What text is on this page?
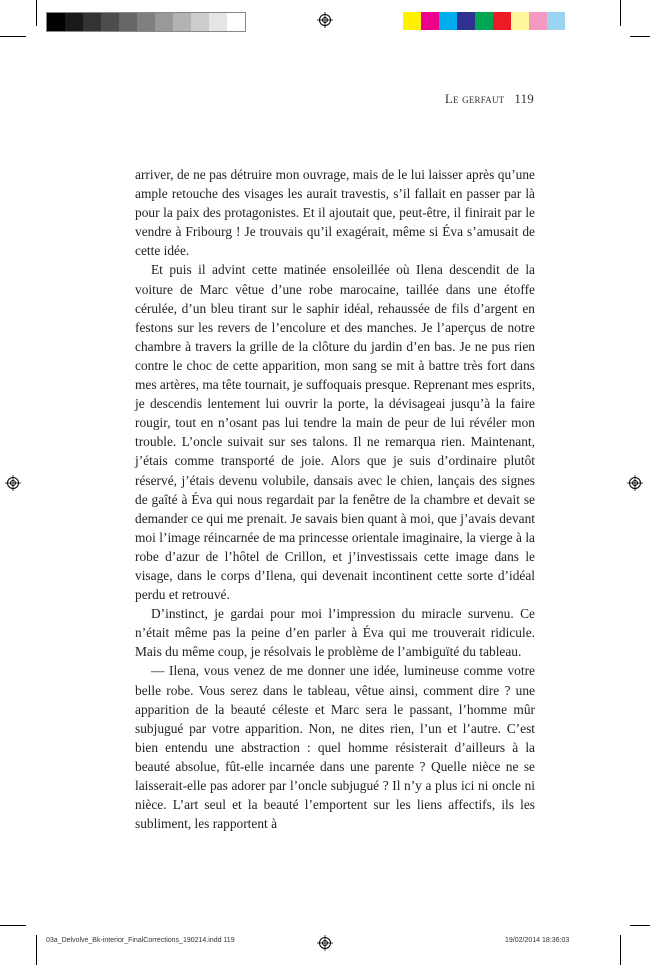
Le gerfaut 119

arriver, de ne pas détruire mon ouvrage, mais de le lui laisser après qu’une ample retouche des visages les aurait travestis, s’il fallait en passer par là pour la paix des protagonistes. Et il ajoutait que, peut-être, il finirait par le vendre à Fribourg ! Je trouvais qu’il exagérait, même si Éva s’amusait de cette idée.

Et puis il advint cette matinée ensoleillée où Ilena descendit de la voiture de Marc vêtue d’une robe marocaine, taillée dans une étoffe cérulée, d’un bleu tirant sur le saphir idéal, rehaussée de fils d’argent en festons sur les revers de l’encolure et des manches. Je l’aperçus de notre chambre à travers la grille de la clôture du jardin d’en bas. Je ne pus rien contre le choc de cette apparition, mon sang se mit à battre très fort dans mes artères, ma tête tournait, je suffoquais presque. Reprenant mes esprits, je descendis lentement lui ouvrir la porte, la dévisageai jusqu’à la faire rougir, tout en n’osant pas lui tendre la main de peur de lui révéler mon trouble. L’oncle suivait sur ses talons. Il ne remarqua rien. Maintenant, j’étais comme transporté de joie. Alors que je suis d’ordinaire plutôt réservé, j’étais devenu volubile, dansais avec le chien, lançais des signes de gaîté à Éva qui nous regardait par la fenêtre de la chambre et devait se demander ce qui me prenait. Je savais bien quant à moi, que j’avais devant moi l’image réincarnée de ma princesse orientale imaginaire, la vierge à la robe d’azur de l’hôtel de Crillon, et j’investissais cette image dans le visage, dans le corps d’Ilena, qui devenait incontinent cette sorte d’idéal perdu et retrouvé.

D’instinct, je gardai pour moi l’impression du miracle survenu. Ce n’était même pas la peine d’en parler à Éva qui me trouverait ridicule. Mais du même coup, je résolvais le problème de l’ambiguïté du tableau.

— Ilena, vous venez de me donner une idée, lumineuse comme votre belle robe. Vous serez dans le tableau, vêtue ainsi, comment dire ? une apparition de la beauté céleste et Marc sera le passant, l’homme mûr subjugué par votre apparition. Non, ne dites rien, l’un et l’autre. C’est bien entendu une abstraction : quel homme résisterait d’ailleurs à la beauté absolue, fût-elle incarnée dans une parente ? Quelle nièce ne se laisserait-elle pas adorer par l’oncle subjugué ? Il n’y a plus ici ni oncle ni nièce. L’art seul et la beauté l’emportent sur les liens affectifs, ils les subliment, les rapportent à

03a_Delvolve_Bk-interior_FinalCorrections_190214.indd 119	19/02/2014 18:36:03
